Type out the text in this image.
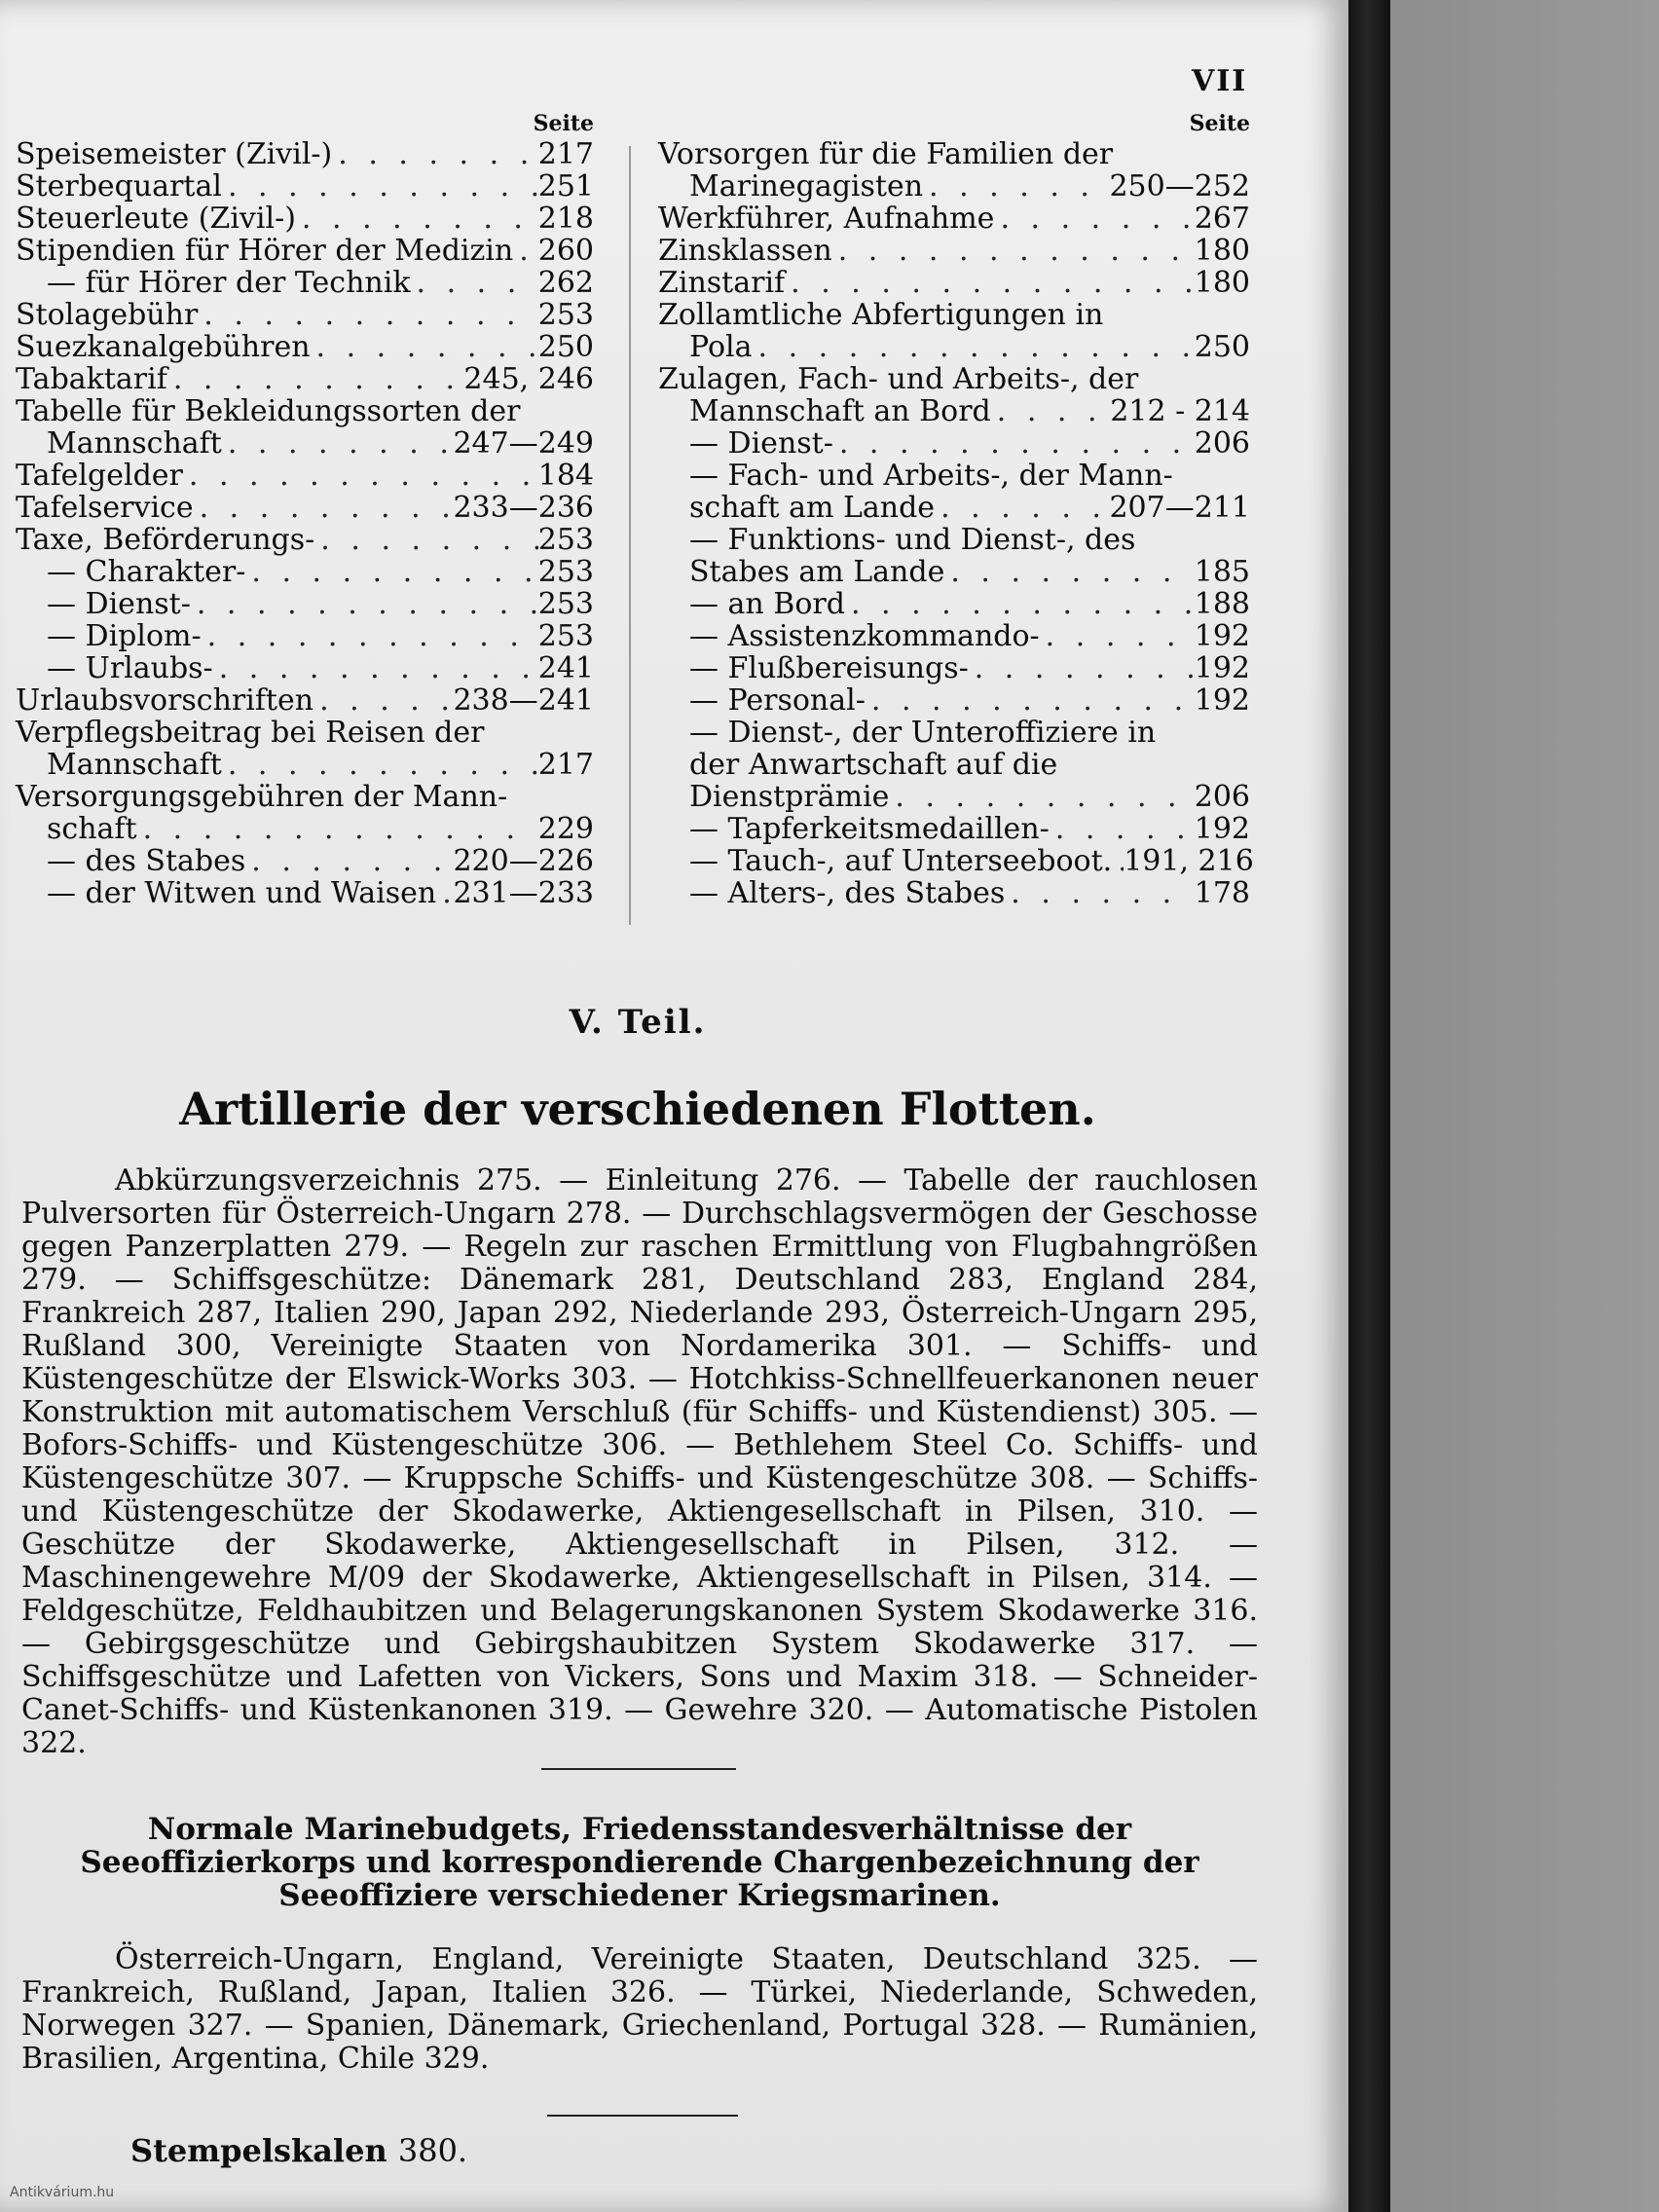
VII
Seite
Speisemeister (Zivil-) . . .	217
Sterbequartal . . .	251
Steuerleute (Zivil-) . . .	218
Stipendien für Hörer der Medizin . . . 260
— für Hörer der Technik . . .	262
Stolagebühr . . .	253
Suezkanalgebühren . . .	250
Tabaktarif . . .	245, 246
Tabelle für Bekleidungssorten der
Mannschaft . . .	247—249
Tafelgelder . . .	184
Tafelservice . . .	233—236
Taxe, Beförderungs- . . .	253
— Charakter- . . .	253
— Dienst- . . .	253
— Diplom- . . .	253
— Urlaubs- . . .	241
Urlaubsvorschriften . . .	238—241
Verpflegsbeitrag bei Reisen der
Mannschaft . . .	217
Versorgungsgebühren der Mann-
schaft . . .	229
— des Stabes . . .	220—226
— der Witwen und Waisen . . . 231—233
Seite
Vorsorgen für die Familien der
Marinegagisten . . .	250—252
Werkführer, Aufnahme . . .	267
Zinsklassen . . .	180
Zinstarif . . .	180
Zollamtliche Abfertigungen in
Pola . . .	250
Zulagen, Fach- und Arbeits-, der
Mannschaft an Bord . . .	212 - 214
— Dienst- . . .	206
— Fach- und Arbeits-, der Mann-
schaft am Lande . . .	207—211
— Funktions- und Dienst-, des
Stabes am Lande . . .	185
— an Bord . . .	188
— Assistenzkommando- . . .	192
— Flußbereisungs- . . .	192
— Personal- . . .	192
— Dienst-, der Unteroffiziere in
der Anwartschaft auf die
Dienstprämie . . .	206
— Tapferkeitsmedaillen- . . .	192
— Tauch-, auf Unterseeboot. . . . 191, 216
— Alters-, des Stabes . . .	178
V. Teil.
Artillerie der verschiedenen Flotten.
Abkürzungsverzeichnis 275. — Einleitung 276. — Tabelle der rauchlosen Pulversorten für Österreich-Ungarn 278. — Durchschlagsvermögen der Geschosse gegen Panzerplatten 279. — Regeln zur raschen Ermittlung von Flugbahngrößen 279. — Schiffsgeschütze: Dänemark 281, Deutschland 283, England 284, Frankreich 287, Italien 290, Japan 292, Niederlande 293, Österreich-Ungarn 295, Rußland 300, Vereinigte Staaten von Nordamerika 301. — Schiffs- und Küstengeschütze der Elswick-Works 303. — Hotchkiss-Schnellfeuerkanonen neuer Konstruktion mit automatischem Verschluß (für Schiffs- und Küstendienst) 305. — Bofors-Schiffs- und Küstengeschütze 306. — Bethlehem Steel Co. Schiffs- und Küstengeschütze 307. — Kruppsche Schiffs- und Küstengeschütze 308. — Schiffs- und Küstengeschütze der Skodawerke, Aktiengesellschaft in Pilsen, 310. — Geschütze der Skodawerke, Aktiengesellschaft in Pilsen, 312. — Maschinengewehre M/09 der Skodawerke, Aktiengesellschaft in Pilsen, 314. — Feldgeschütze, Feldhaubitzen und Belagerungskanonen System Skodawerke 316. — Gebirgsgeschütze und Gebirgshaubitzen System Skodawerke 317. — Schiffsgeschütze und Lafetten von Vickers, Sons und Maxim 318. — Schneider-Canet-Schiffs- und Küstenkanonen 319. — Gewehre 320. — Automatische Pistolen 322.
Normale Marinebudgets, Friedensstandesverhältnisse der Seeoffizierkorps und korrespondierende Chargenbezeichnung der Seeoffiziere verschiedener Kriegsmarinen.
Österreich-Ungarn, England, Vereinigte Staaten, Deutschland 325. — Frankreich, Rußland, Japan, Italien 326. — Türkei, Niederlande, Schweden, Norwegen 327. — Spanien, Dänemark, Griechenland, Portugal 328. — Rumänien, Brasilien, Argentina, Chile 329.
Stempelskalen 380.
Antikvárium.hu
